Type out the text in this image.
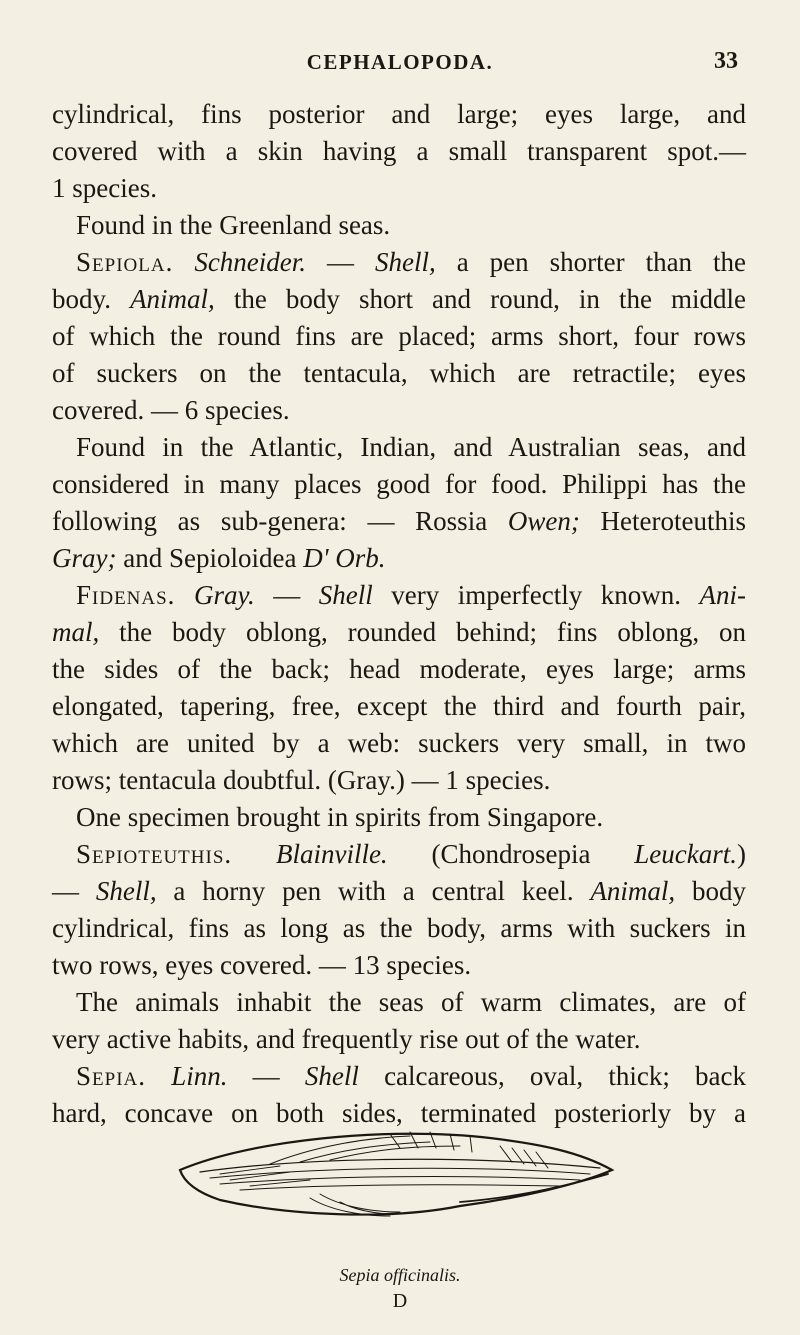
CEPHALOPODA.	33
cylindrical, fins posterior and large; eyes large, and
covered with a skin having a small transparent spot.—
1 species.
Found in the Greenland seas.
Sepiola. Schneider. — Shell, a pen shorter than the
body. Animal, the body short and round, in the middle
of which the round fins are placed; arms short, four rows
of suckers on the tentacula, which are retractile; eyes
covered. — 6 species.
Found in the Atlantic, Indian, and Australian seas, and
considered in many places good for food. Philippi has the
following as sub-genera: — Rossia Owen; Heteroteuthis
Gray; and Sepioloidea D' Orb.
Fidenas. Gray. — Shell very imperfectly known. Ani-
mal, the body oblong, rounded behind; fins oblong, on
the sides of the back; head moderate, eyes large; arms
elongated, tapering, free, except the third and fourth pair,
which are united by a web: suckers very small, in two
rows; tentacula doubtful. (Gray.) — 1 species.
One specimen brought in spirits from Singapore.
Sepioteuthis. Blainville. (Chondrosepia Leuckart.)
— Shell, a horny pen with a central keel. Animal, body
cylindrical, fins as long as the body, arms with suckers in
two rows, eyes covered. — 13 species.
The animals inhabit the seas of warm climates, are of
very active habits, and frequently rise out of the water.
Sepia. Linn. — Shell calcareous, oval, thick; back
hard, concave on both sides, terminated posteriorly by a
Sepia officinalis.
D
